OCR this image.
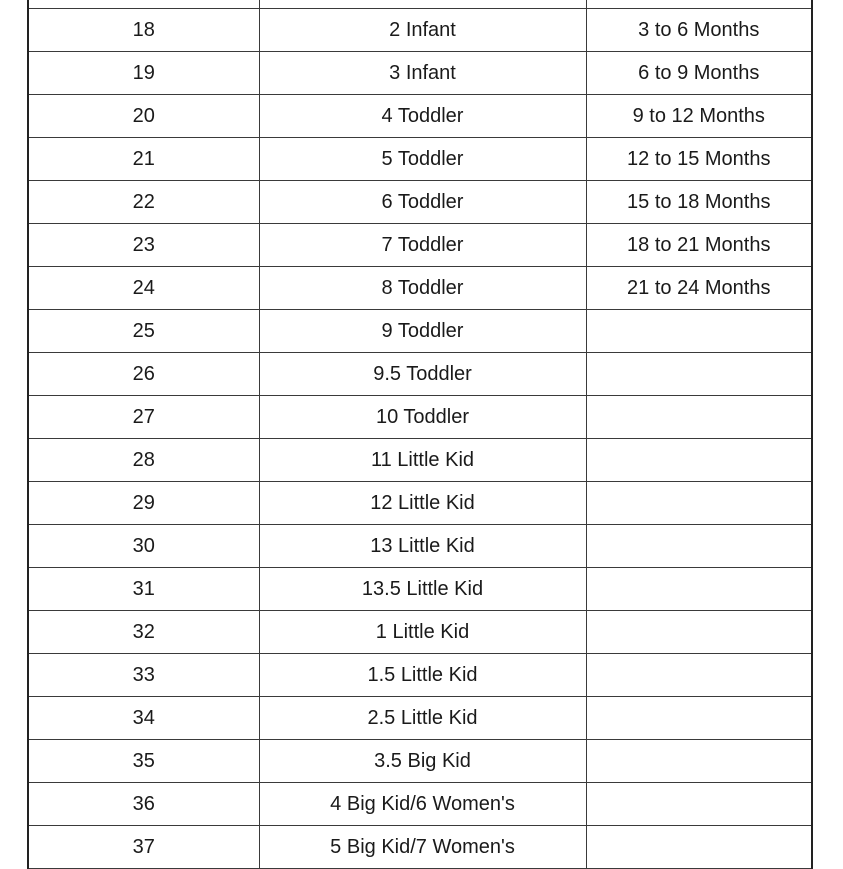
18	2 Infant	3 to 6 Months
19	3 Infant	6 to 9 Months
20	4 Toddler	9 to 12 Months
21	5 Toddler	12 to 15 Months
22	6 Toddler	15 to 18 Months
23	7 Toddler	18 to 21 Months
24	8 Toddler	21 to 24 Months
25	9 Toddler	
26	9.5 Toddler	
27	10 Toddler	
28	11 Little Kid	
29	12 Little Kid	
30	13 Little Kid	
31	13.5 Little Kid	
32	1 Little Kid	
33	1.5 Little Kid	
34	2.5 Little Kid	
35	3.5 Big Kid	
36	4 Big Kid/6 Women's	
37	5 Big Kid/7 Women's	
